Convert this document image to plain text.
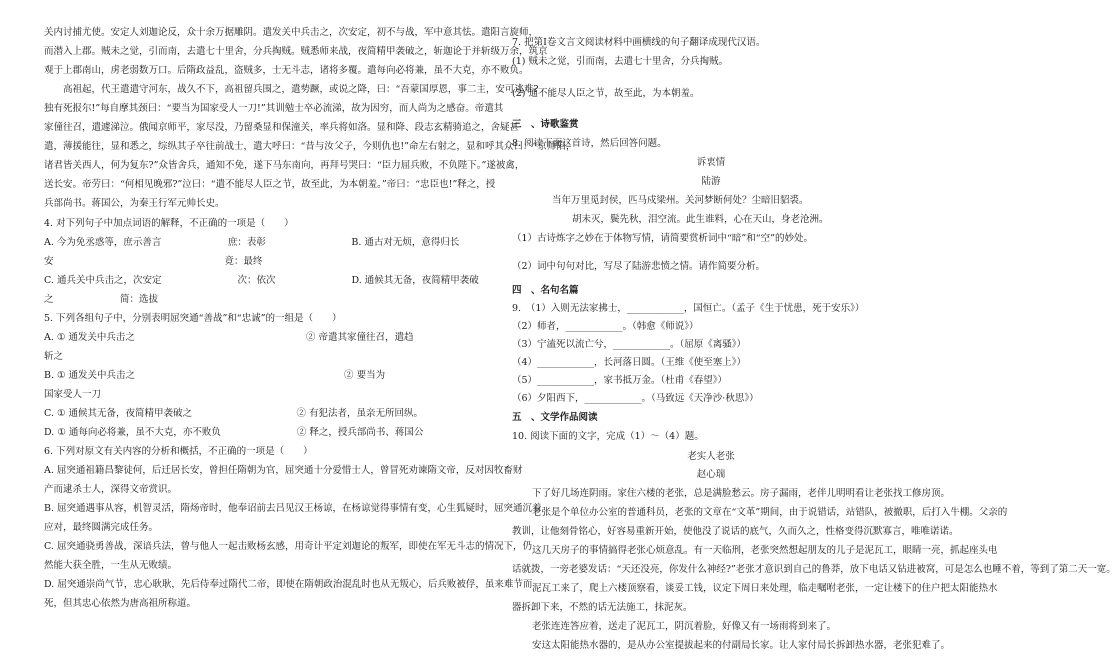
关内讨捕尤使。安定人刘迦论反，众十余万据雕阴。遣发关中兵击之，次安定，初不与战，军中意其怯。遣阳言旋师，
而潜入上郡。贼未之觉，引而南，去遣七十里舍，分兵掏贼。贼悉师来战，夜简精甲袭破之，斩迦论于并斩级万余，筑京
观于上郡南山，虏老弱数万口。后隋政益乱，盗贼多，士无斗志，诸将多覆。遣每向必将兼，虽不大克，亦不败负。
　　高祖起，代王遣遣守河东，战久不下，高祖留兵围之，遣势蹶，或说之降，曰：“吾蒙国厚恩，事二主，安可逃难?
独有死报尔!”每自摩其颈曰：“要当为国家受人一刀!”其训勉士卒必流涕，故为因穷，而人尚为之感奋。帝遣其
家僮往召，遣遽涕泣。俄闻京师平，家尽没，乃留桑显和保潼关，率兵将如洛。显和降、段志玄精骑追之，舍疑甚
遣，薄援能往，显和悉之，综纵其子卒往前战士，遣大呼曰：“昔与汝父子，今则仇也!”命左右射之，显和呼其众曰：“京师陷，
诸君皆关西人，何为复东?”众皆舍兵，通知不免，遂下马东南向，再拜号哭曰：“臣力屈兵败，不负陛下。”遂被禽，
送长安。帝劳曰：“何相见晚邪?”泣曰：“遣不能尽人臣之节，故至此，为本朝羞。”帝曰：“忠臣也!”释之，授
兵部尚书。蒋国公，为秦王行军元帅长史。
4. 对下列句子中加点词语的解释，不正确的一项是（　　）
A. 今为免丞惑等，庶示善言　　　　　　　庶：表彰　　　　　　　　　B. 通古对无烦，意得归长
安　　　　　　　　　　　　　　　　　　竟：最终
C. 通兵关中兵击之，次安定　　　　　　　　次：依次　　　　　　　　D. 通候其无备，夜简精甲袭破
之　　　　　　　简：选拔
5. 下列各组句子中，分别表明屈突通“善战”和“忠诚”的一组是（　　）
A. ① 通发关中兵击之　　　　　　　　　　　　　　　　　　② 帝遣其家僮往召，遣趋
斩之
B. ① 通发关中兵击之　　　　　　　　　　　　　　　　　　　　　　② 要当为
国家受人一刀
C. ① 通候其无备，夜简精甲袭破之　　　　　　　　　　　② 有犯法者，虽亲无所回纵。
D. ① 通每向必将兼，虽不大克，亦不败负　　　　　　　　② 释之，授兵部尚书、蒋国公
6. 下列对原文有关内容的分析和概括，不正确的一项是（　　）
A. 屈突通祖籍昌黎徒何，后迁居长安，曾担任隋朝为官，屈突通十分爱惜士人，曾冒死劝谏隋文帝，反对因牧畜财
产而逮杀士人，深得文帝赏识。
B. 屈突通遇事从容，机智灵活，隋炀帝时，他奉诏前去吕见汉王杨谅，在杨谅觉得事情有变，心生狐疑时，屈突通沉着
应对，最终圆满完成任务。
C. 屈突通骁勇善战，深谙兵法，曾与他人一起击败杨玄感，用奇计平定刘迦论的叛军，即使在军无斗志的情况下，仍
然能大获全胜，一生从无败绩。
D. 屈突通崇尚气节，忠心耿耿，先后侍奉过隋代二帝，即使在隋朝政治混乱时也从无叛心，后兵败被俘，虽来难节而
死，但其忠心依然为唐高祖所称道。
7. 把第Ⅰ卷文言文阅读材料中画横线的句子翻译成现代汉语。
(1) 贼未之觉，引而南，去遣七十里舍，分兵掏贼。
(2) 通不能尽人臣之节，故至此，为本朝羞。
三　、诗歌鉴赏
8. 阅读下面这首诗，然后回答问题。
诉衷情
陆游
当年万里觅封侯，匹马戍梁州。关河梦断何处？尘暗旧貂裘。
胡未灭，鬓先秋，泪空流。此生谁料，心在天山，身老沧洲。
（1）古诗炼字之妙在于体物写情，请简要赏析词中“暗”和“空”的妙处。
（2）词中句句对比，写尽了陆游悲愤之情。请作简要分析。
四　、名句名篇
9.　（1）入则无法家拂士，____________，国恒亡。（孟子《生于忧患，死于安乐》）
（2）师者，____________。（韩愈《师说》）
（3）宁溘死以流亡兮，____________。（屈原《离骚》）
（4）____________，长河落日圆。（王维《使至塞上》）
（5）____________，家书抵万金。（杜甫《春望》）
（6）夕阳西下，____________。（马致远《天净沙·秋思》）
五　、文学作品阅读
10. 阅读下面的文字，完成（1）～（4）题。
老实人老张
赵心瑞
下了好几场连阴雨。家住六楼的老张，总是满脸愁云。房子漏雨，老伴儿明明看让老张找工修房顶。
老张是个单位办公室的普通科员，老张的文章在“文革”期间，由于说错话，站错队，被撤职，后打入牛棚。父亲的
教训，让他刻骨铭心，好容易重新开始，使他没了说话的底气，久而久之，性格变得沉默寡言，唯唯诺诺。
这几天房子的事情搞得老张心烦意乱。有一天临刑，老张突然想起朋友的儿子是泥瓦工，眼睛一亮，抓起座头电
话就拨，一旁老婆发话：“天还没亮，你发什么神经?”老张才意识到自己的鲁莽，放下电话又钻进被窝，可是怎么也睡不着，等到了第二天一宽。
泥瓦工来了，爬上六楼顶察看，谈妥工钱，议定下周日来处理，临走嘱咐老张，一定让楼下的住户把太阳能热水
器拆卸下来，不然的话无法施工，抹泥灰。
老张连连答应着，送走了泥瓦工，阴沉着脸，好像又有一场雨将到来了。
安这太阳能热水器的，是从办公室提拔起来的付副局长家。让人家付局长拆卸热水器，老张犯难了。
